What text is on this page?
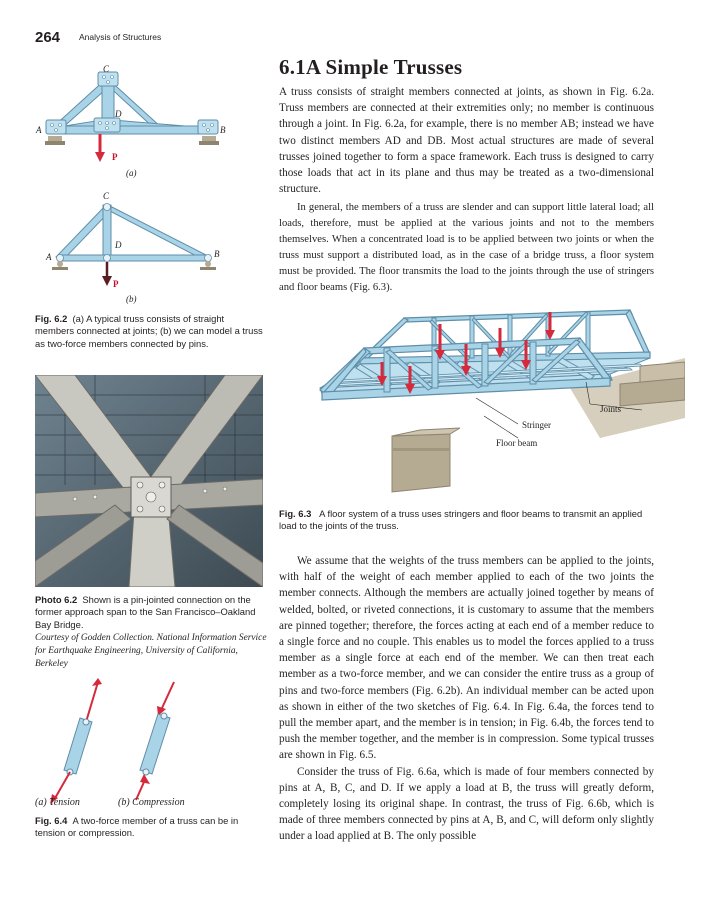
264 Analysis of Structures
C
D
A	B
P
(a)
C
D
A	B
P
(b)
Fig. 6.2 (a) A typical truss consists of straight members connected at joints; (b) we can model a truss as two-force members connected by pins.
Photo 6.2 Shown is a pin-jointed connection on the former approach span to the San Francisco–Oakland Bay Bridge.
Courtesy of Godden Collection. National Information Service for Earthquake Engineering, University of California, Berkeley
(a) Tension	(b) Compression
Fig. 6.4 A two-force member of a truss can be in tension or compression.
6.1A Simple Trusses

A truss consists of straight members connected at joints, as shown in Fig. 6.2a. Truss members are connected at their extremities only; no member is continuous through a joint. In Fig. 6.2a, for example, there is no member AB; instead we have two distinct members AD and DB. Most actual structures are made of several trusses joined together to form a space framework. Each truss is designed to carry those loads that act in its plane and thus may be treated as a two-dimensional structure.

In general, the members of a truss are slender and can support little lateral load; all loads, therefore, must be applied at the various joints and not to the members themselves. When a concentrated load is to be applied between two joints or when the truss must support a distributed load, as in the case of a bridge truss, a floor system must be provided. The floor transmits the load to the joints through the use of stringers and floor beams (Fig. 6.3).

Joints
Stringer
Floor beam
Fig. 6.3 A floor system of a truss uses stringers and floor beams to transmit an applied load to the joints of the truss.

We assume that the weights of the truss members can be applied to the joints, with half of the weight of each member applied to each of the two joints the member connects. Although the members are actually joined together by means of welded, bolted, or riveted connections, it is customary to assume that the members are pinned together; therefore, the forces acting at each end of a member reduce to a single force and no couple. This enables us to model the forces applied to a truss member as a single force at each end of the member. We can then treat each member as a two-force member, and we can consider the entire truss as a group of pins and two-force members (Fig. 6.2b). An individual member can be acted upon as shown in either of the two sketches of Fig. 6.4. In Fig. 6.4a, the forces tend to pull the member apart, and the member is in tension; in Fig. 6.4b, the forces tend to push the member together, and the member is in compression. Some typical trusses are shown in Fig. 6.5.

Consider the truss of Fig. 6.6a, which is made of four members connected by pins at A, B, C, and D. If we apply a load at B, the truss will greatly deform, completely losing its original shape. In contrast, the truss of Fig. 6.6b, which is made of three members connected by pins at A, B, and C, will deform only slightly under a load applied at B. The only possible
